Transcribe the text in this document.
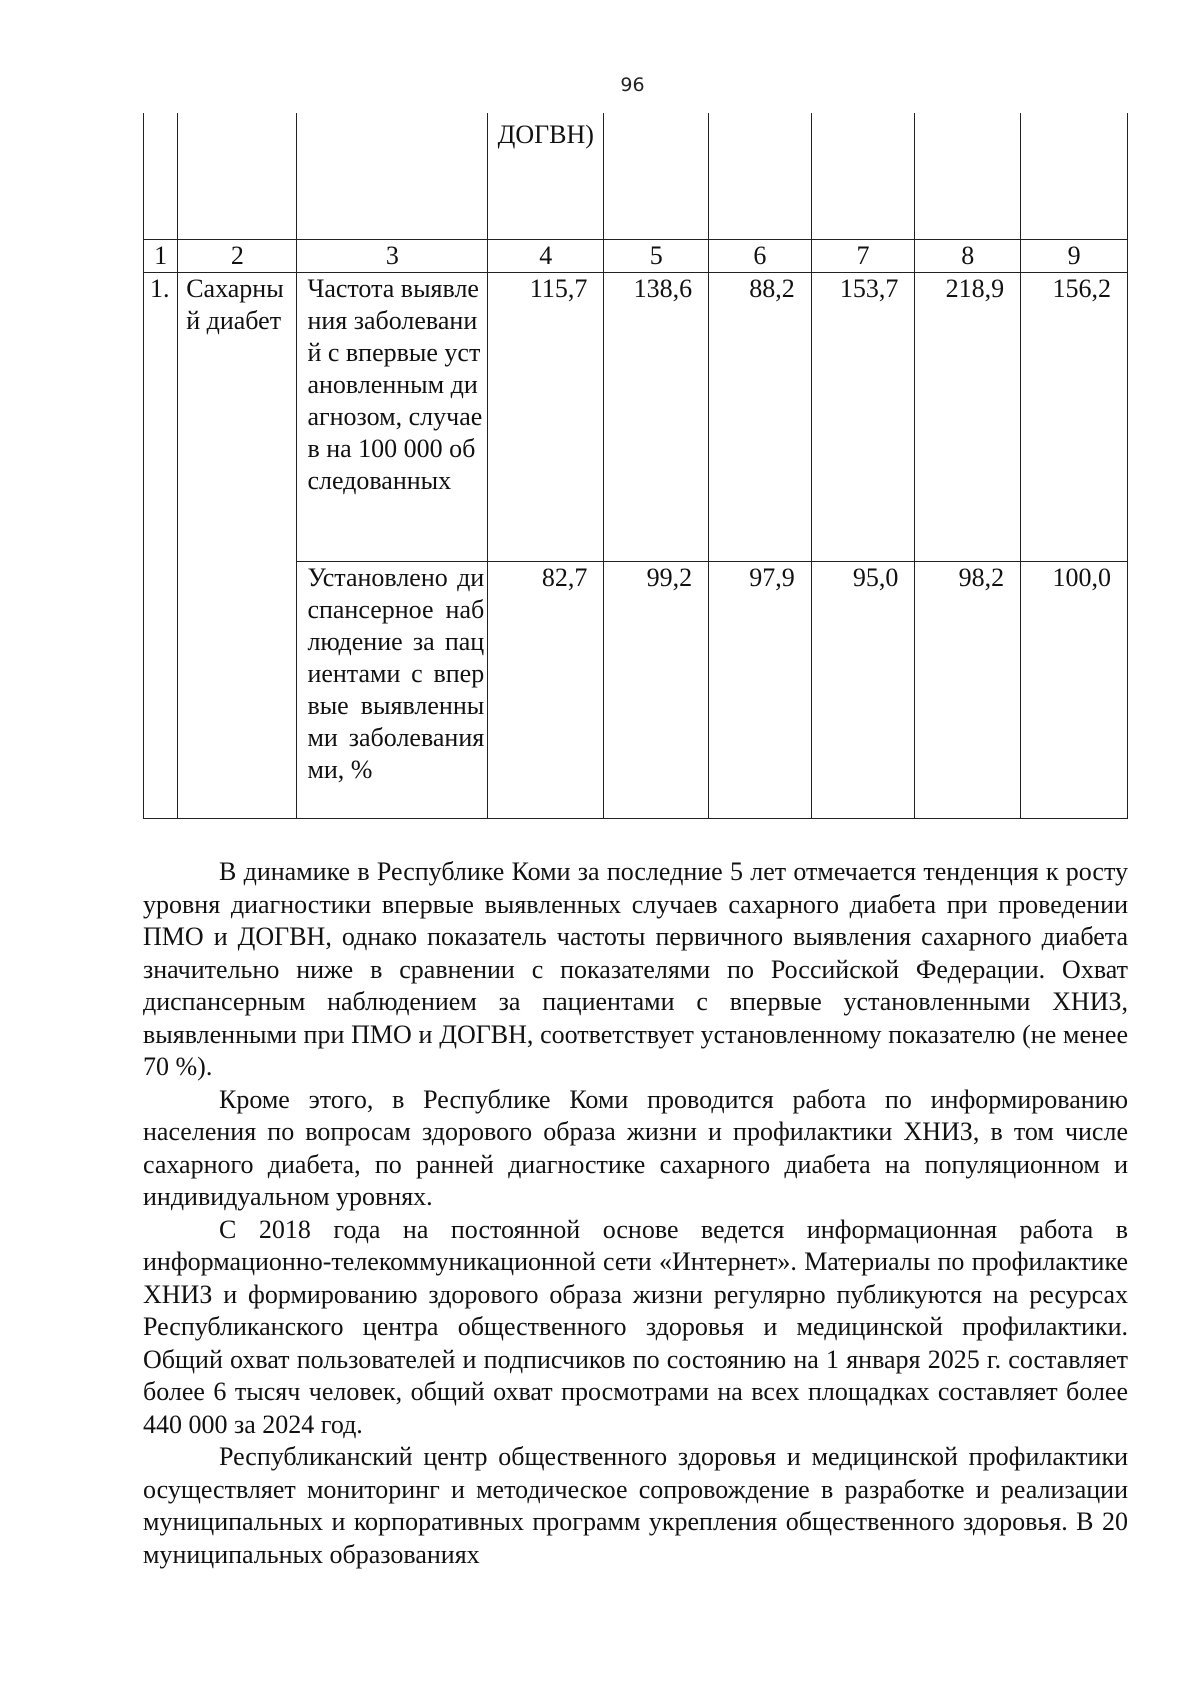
96
			ДОГВН)					
1	2	3	4	5	6	7	8	9
1.	Сахарный диабет	Частота выявления заболеваний с впервые установленным диагнозом, случаев на 100 000 обследованных	115,7	138,6	88,2	153,7	218,9	156,2
		Установлено диспансерное наблюдение за пациентами с впервые выявленными заболеваниями, %	82,7	99,2	97,9	95,0	98,2	100,0

В динамике в Республике Коми за последние 5 лет отмечается тенденция к росту уровня диагностики впервые выявленных случаев сахарного диабета при проведении ПМО и ДОГВН, однако показатель частоты первичного выявления сахарного диабета значительно ниже в сравнении с показателями по Российской Федерации. Охват диспансерным наблюдением за пациентами с впервые установленными ХНИЗ, выявленными при ПМО и ДОГВН, соответствует установленному показателю (не менее 70 %).

Кроме этого, в Республике Коми проводится работа по информированию населения по вопросам здорового образа жизни и профилактики ХНИЗ, в том числе сахарного диабета, по ранней диагностике сахарного диабета на популяционном и индивидуальном уровнях.

С 2018 года на постоянной основе ведется информационная работа в информационно-телекоммуникационной сети «Интернет». Материалы по профилактике ХНИЗ и формированию здорового образа жизни регулярно публикуются на ресурсах Республиканского центра общественного здоровья и медицинской профилактики. Общий охват пользователей и подписчиков по состоянию на 1 января 2025 г. составляет более 6 тысяч человек, общий охват просмотрами на всех площадках составляет более 440 000 за 2024 год.

Республиканский центр общественного здоровья и медицинской профилактики осуществляет мониторинг и методическое сопровождение в разработке и реализации муниципальных и корпоративных программ укрепления общественного здоровья. В 20 муниципальных образованиях
